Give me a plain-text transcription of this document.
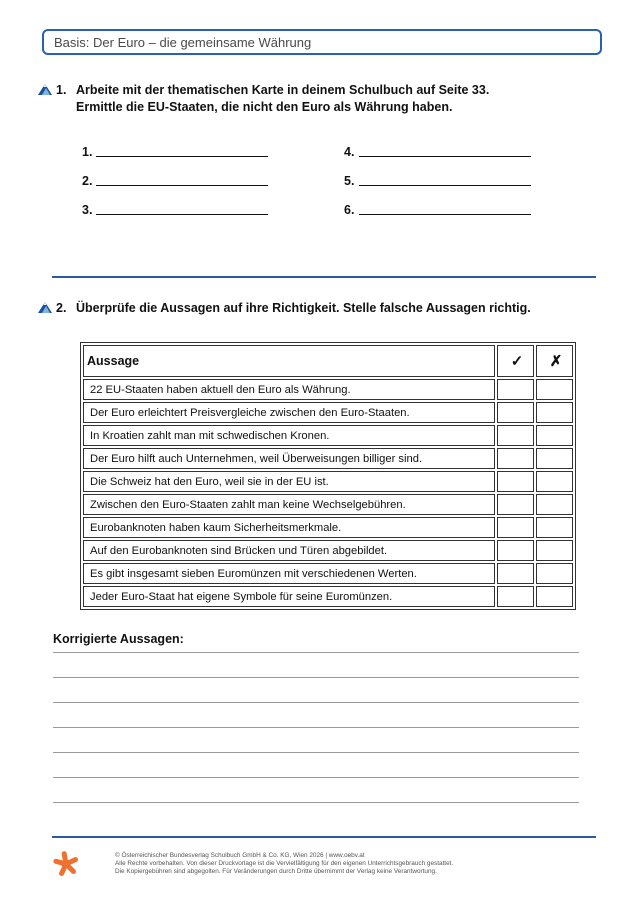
Basis: Der Euro – die gemeinsame Währung
1. Arbeite mit der thematischen Karte in deinem Schulbuch auf Seite 33.
Ermittle die EU-Staaten, die nicht den Euro als Währung haben.
1.
2.
3.
4.
5.
6.
2. Überprüfe die Aussagen auf ihre Richtigkeit. Stelle falsche Aussagen richtig.
Aussage	✓	✗
22 EU-Staaten haben aktuell den Euro als Währung.		
Der Euro erleichtert Preisvergleiche zwischen den Euro-Staaten.		
In Kroatien zahlt man mit schwedischen Kronen.		
Der Euro hilft auch Unternehmen, weil Überweisungen billiger sind.		
Die Schweiz hat den Euro, weil sie in der EU ist.		
Zwischen den Euro-Staaten zahlt man keine Wechselgebühren.		
Eurobanknoten haben kaum Sicherheitsmerkmale.		
Auf den Eurobanknoten sind Brücken und Türen abgebildet.		
Es gibt insgesamt sieben Euromünzen mit verschiedenen Werten.		
Jeder Euro-Staat hat eigene Symbole für seine Euromünzen.		
Korrigierte Aussagen:
© Österreichischer Bundesverlag Schulbuch GmbH & Co. KG, Wien 2026 | www.oebv.at
Alle Rechte vorbehalten. Von dieser Druckvorlage ist die Vervielfältigung für den eigenen Unterrichtsgebrauch gestattet.
Die Kopiergebühren sind abgegolten. Für Veränderungen durch Dritte übernimmt der Verlag keine Verantwortung.
